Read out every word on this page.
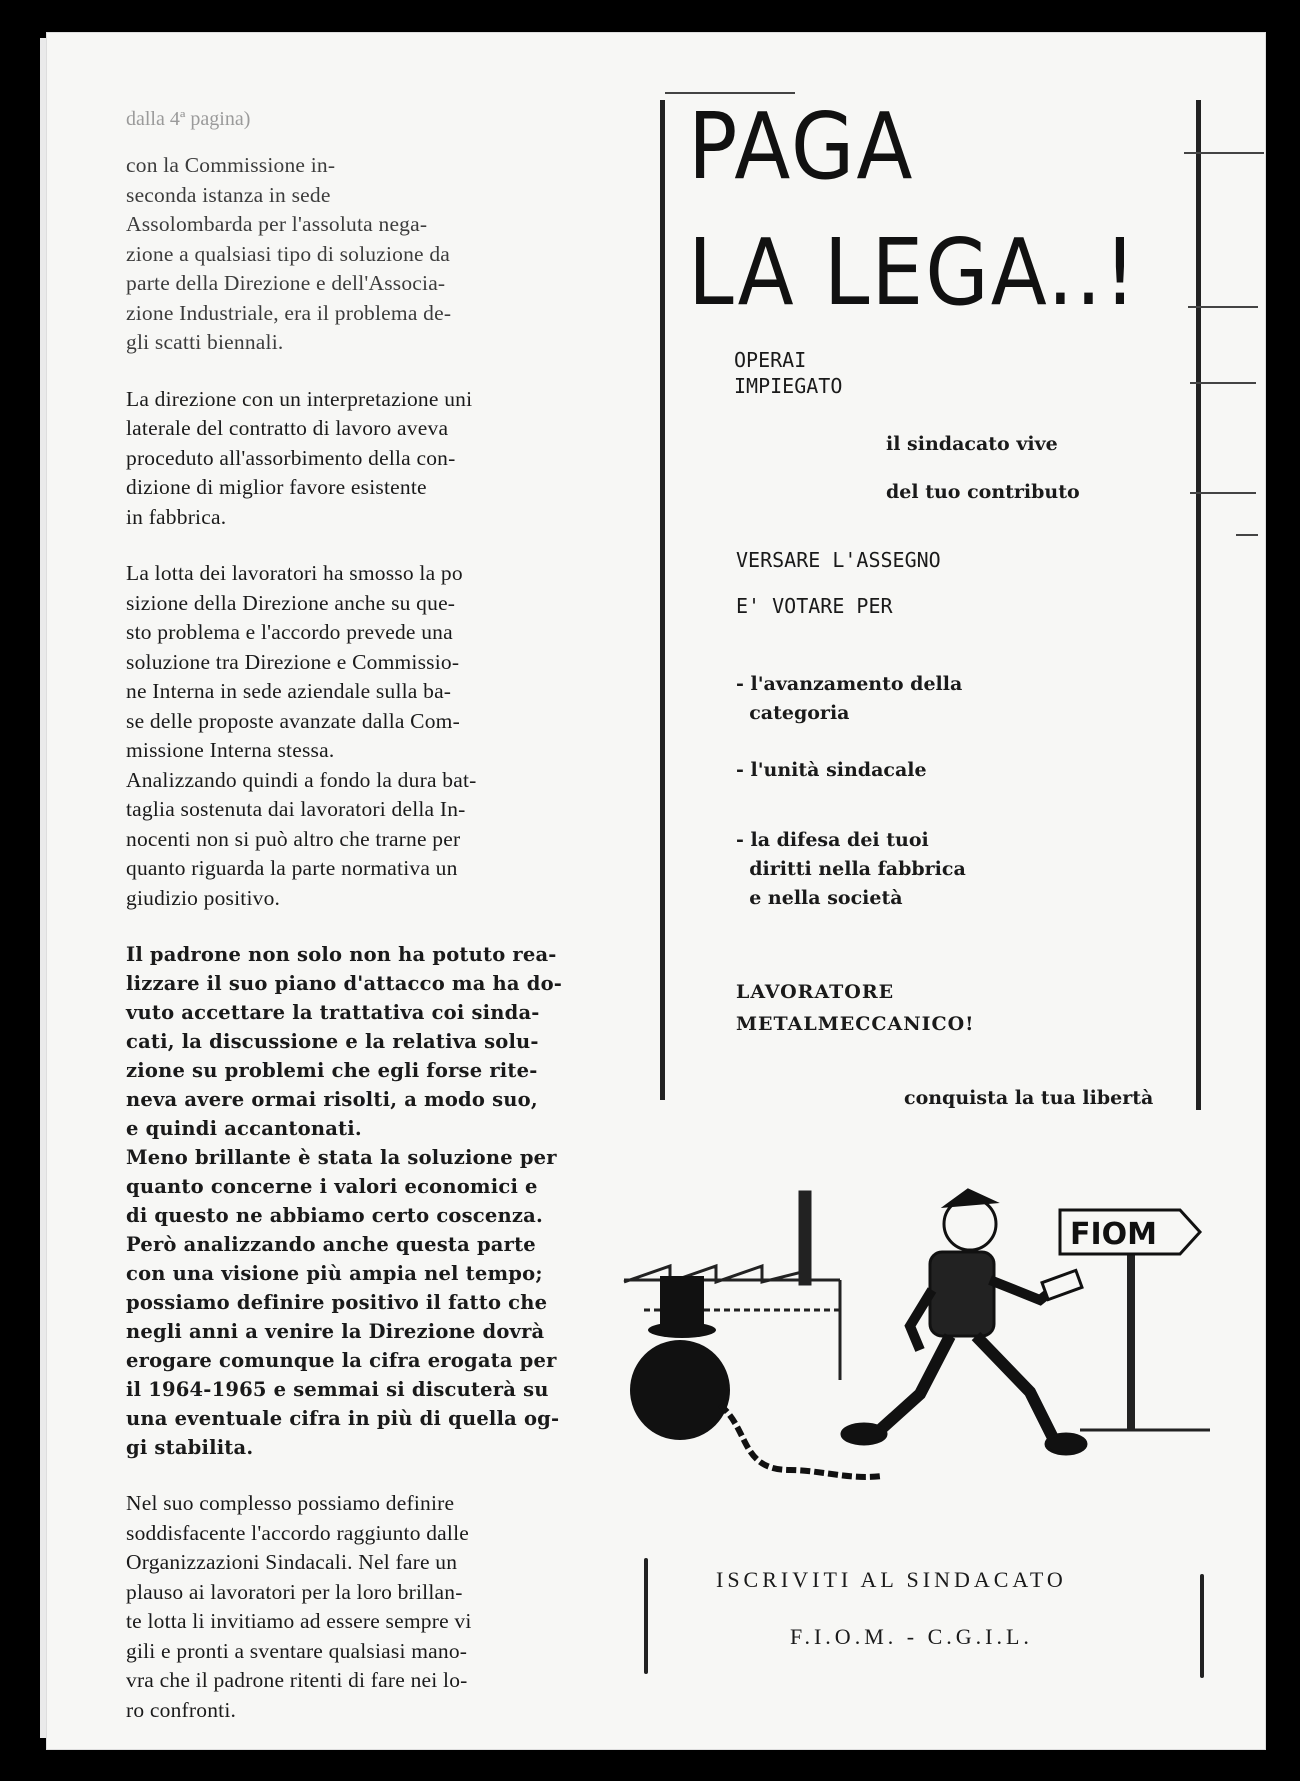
dalla 4ª pagina)

con la Commissione in-
seconda istanza in sede
Assolombarda per l'assoluta nega-
zione a qualsiasi tipo di soluzione da
parte della Direzione e dell'Associa-
zione Industriale, era il problema de-
gli scatti biennali.

La direzione con un interpretazione uni
laterale del contratto di lavoro aveva
proceduto all'assorbimento della con-
dizione di miglior favore esistente
in fabbrica.

La lotta dei lavoratori ha smosso la po
sizione della Direzione anche su que-
sto problema e l'accordo prevede una
soluzione tra Direzione e Commissio-
ne Interna in sede aziendale sulla ba-
se delle proposte avanzate dalla Com-
missione Interna stessa.
Analizzando quindi a fondo la dura bat-
taglia sostenuta dai lavoratori della In-
nocenti non si può altro che trarne per
quanto riguarda la parte normativa un
giudizio positivo.

Il padrone non solo non ha potuto rea-
lizzare il suo piano d'attacco ma ha do-
vuto accettare la trattativa coi sinda-
cati, la discussione e la relativa solu-
zione su problemi che egli forse rite-
neva avere ormai risolti, a modo suo,
e quindi accantonati.
Meno brillante è stata la soluzione per
quanto concerne i valori economici e
di questo ne abbiamo certo coscenza.
Però analizzando anche questa parte
con una visione più ampia nel tempo;
possiamo definire positivo il fatto che
negli anni a venire la Direzione dovrà
erogare comunque la cifra erogata per
il 1964-1965 e semmai si discuterà su
una eventuale cifra in più di quella og-
gi stabilita.

Nel suo complesso possiamo definire
soddisfacente l'accordo raggiunto dalle
Organizzazioni Sindacali. Nel fare un
plauso ai lavoratori per la loro brillan-
te lotta li invitiamo ad essere sempre vi
gili e pronti a sventare qualsiasi mano-
vra che il padrone ritenti di fare nei lo-
ro confronti.

PAGA
LA LEGA..!
OPERAI
IMPIEGATO
il sindacato vive
del tuo contributo
VERSARE L'ASSEGNO
E' VOTARE PER
- l'avanzamento della
categoria
- l'unità sindacale
- la difesa dei tuoi
diritti nella fabbrica
e nella società
LAVORATORE
METALMECCANICO!
conquista la tua libertà
FIOM
ISCRIVITI AL SINDACATO
F.I.O.M. - C.G.I.L.
